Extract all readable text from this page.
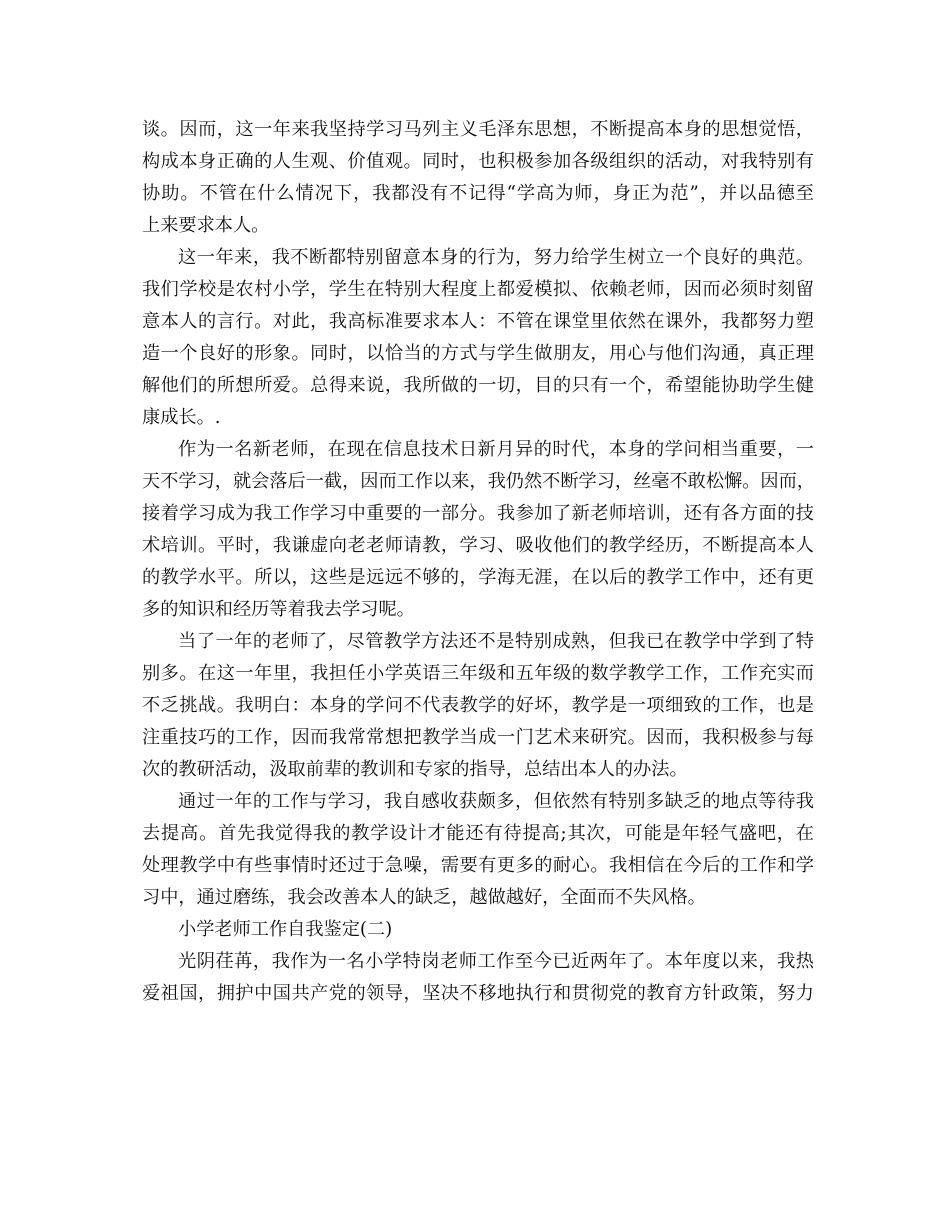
谈。因而，这一年来我坚持学习马列主义毛泽东思想，不断提高本身的思想觉悟，
构成本身正确的人生观、价值观。同时，也积极参加各级组织的活动，对我特别有
协助。不管在什么情况下，我都没有不记得“学高为师，身正为范”，并以品德至
上来要求本人。
这一年来，我不断都特别留意本身的行为，努力给学生树立一个良好的典范。
我们学校是农村小学，学生在特别大程度上都爱模拟、依赖老师，因而必须时刻留
意本人的言行。对此，我高标准要求本人：不管在课堂里依然在课外，我都努力塑
造一个良好的形象。同时，以恰当的方式与学生做朋友，用心与他们沟通，真正理
解他们的所想所爱。总得来说，我所做的一切，目的只有一个，希望能协助学生健
康成长。.
作为一名新老师，在现在信息技术日新月异的时代，本身的学问相当重要，一
天不学习，就会落后一截，因而工作以来，我仍然不断学习，丝毫不敢松懈。因而，
接着学习成为我工作学习中重要的一部分。我参加了新老师培训，还有各方面的技
术培训。平时，我谦虚向老老师请教，学习、吸收他们的教学经历，不断提高本人
的教学水平。所以，这些是远远不够的，学海无涯，在以后的教学工作中，还有更
多的知识和经历等着我去学习呢。
当了一年的老师了，尽管教学方法还不是特别成熟，但我已在教学中学到了特
别多。在这一年里，我担任小学英语三年级和五年级的数学教学工作，工作充实而
不乏挑战。我明白：本身的学问不代表教学的好坏，教学是一项细致的工作，也是
注重技巧的工作，因而我常常想把教学当成一门艺术来研究。因而，我积极参与每
次的教研活动，汲取前辈的教训和专家的指导，总结出本人的办法。
通过一年的工作与学习，我自感收获颇多，但依然有特别多缺乏的地点等待我
去提高。首先我觉得我的教学设计才能还有待提高;其次，可能是年轻气盛吧，在
处理教学中有些事情时还过于急噪，需要有更多的耐心。我相信在今后的工作和学
习中，通过磨练，我会改善本人的缺乏，越做越好，全面而不失风格。
小学老师工作自我鉴定(二)
光阴荏苒，我作为一名小学特岗老师工作至今已近两年了。本年度以来，我热
爱祖国，拥护中国共产党的领导，坚决不移地执行和贯彻党的教育方针政策，努力
